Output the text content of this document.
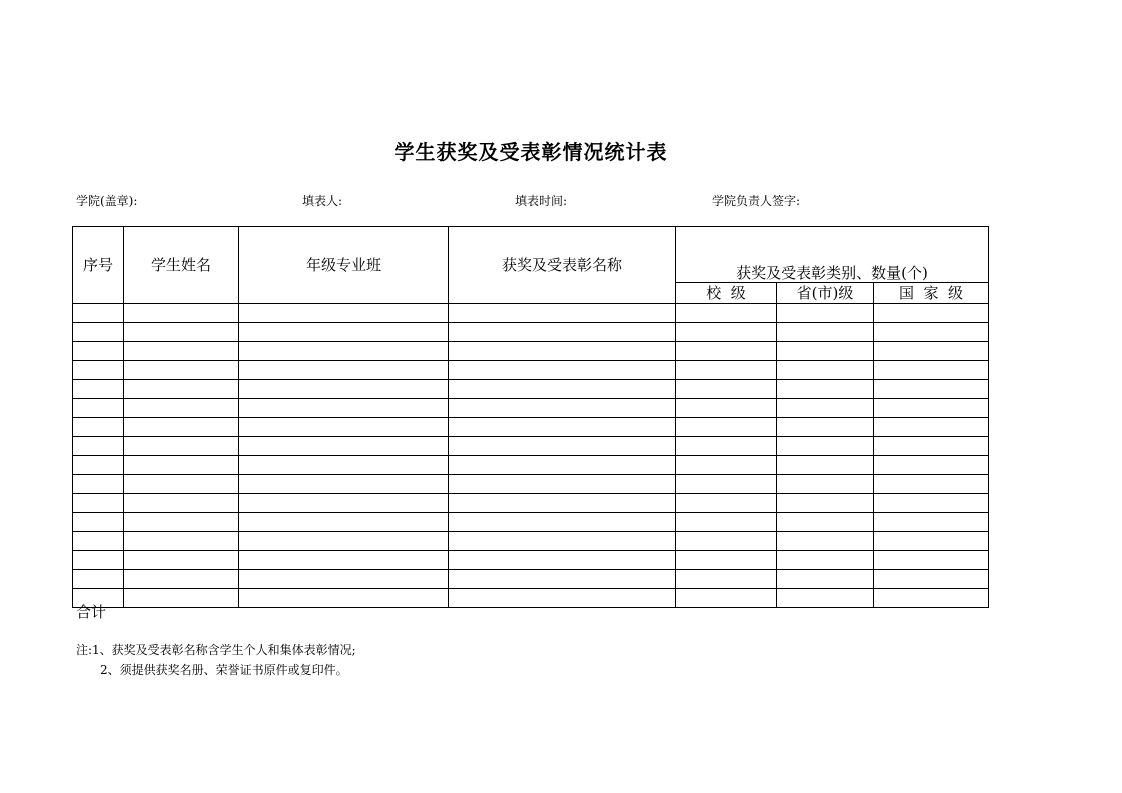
学生获奖及受表彰情况统计表
学院(盖章):	填表人:	填表时间:	学院负责人签字:
序号	学生姓名	年级专业班	获奖及受表彰名称	获奖及受表彰类别、数量(个)		
				校  级	省(市)级	国  家  级

合计
注:1、获奖及受表彰名称含学生个人和集体表彰情况;
2、须提供获奖名册、荣誉证书原件或复印件。
